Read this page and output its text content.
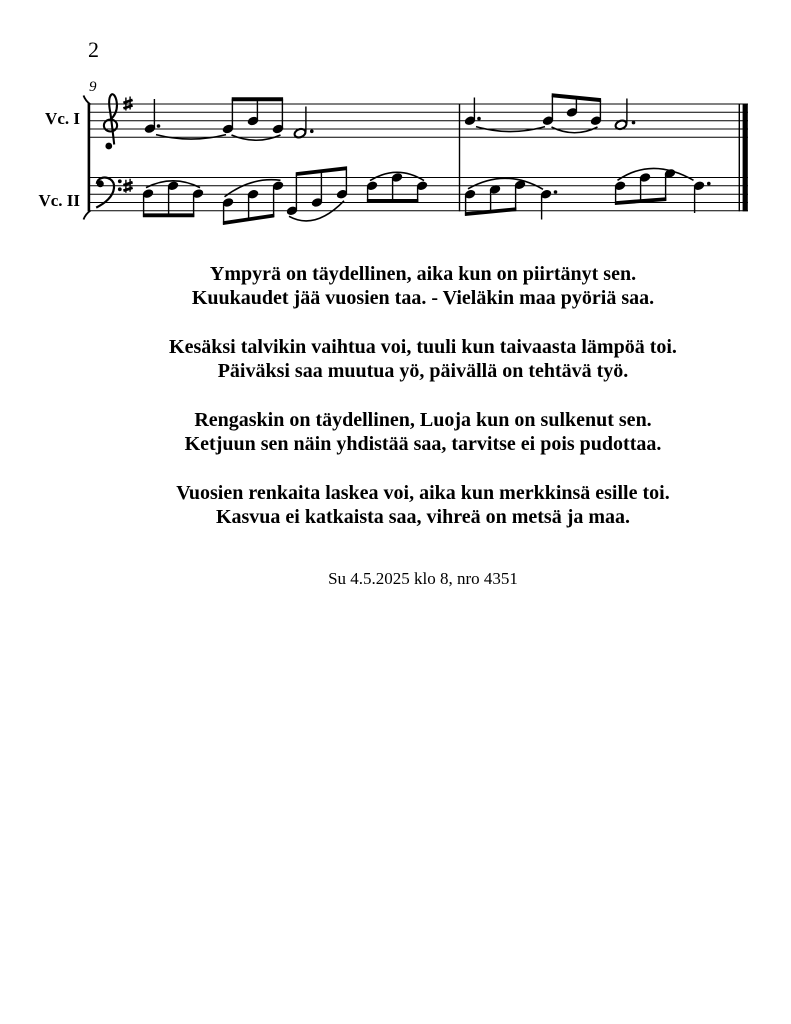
2
9
Vc. I
Vc. II
Ympyrä on täydellinen, aika kun on piirtänyt sen.
Kuukaudet jää vuosien taa. - Vieläkin maa pyöriä saa.
Kesäksi talvikin vaihtua voi, tuuli kun taivaasta lämpöä toi.
Päiväksi saa muutua yö, päivällä on tehtävä työ.
Rengaskin on täydellinen, Luoja kun on sulkenut sen.
Ketjuun sen näin yhdistää saa, tarvitse ei pois pudottaa.
Vuosien renkaita laskea voi, aika kun merkkinsä esille toi.
Kasvua ei katkaista saa, vihreä on metsä ja maa.
Su 4.5.2025 klo 8, nro 4351
